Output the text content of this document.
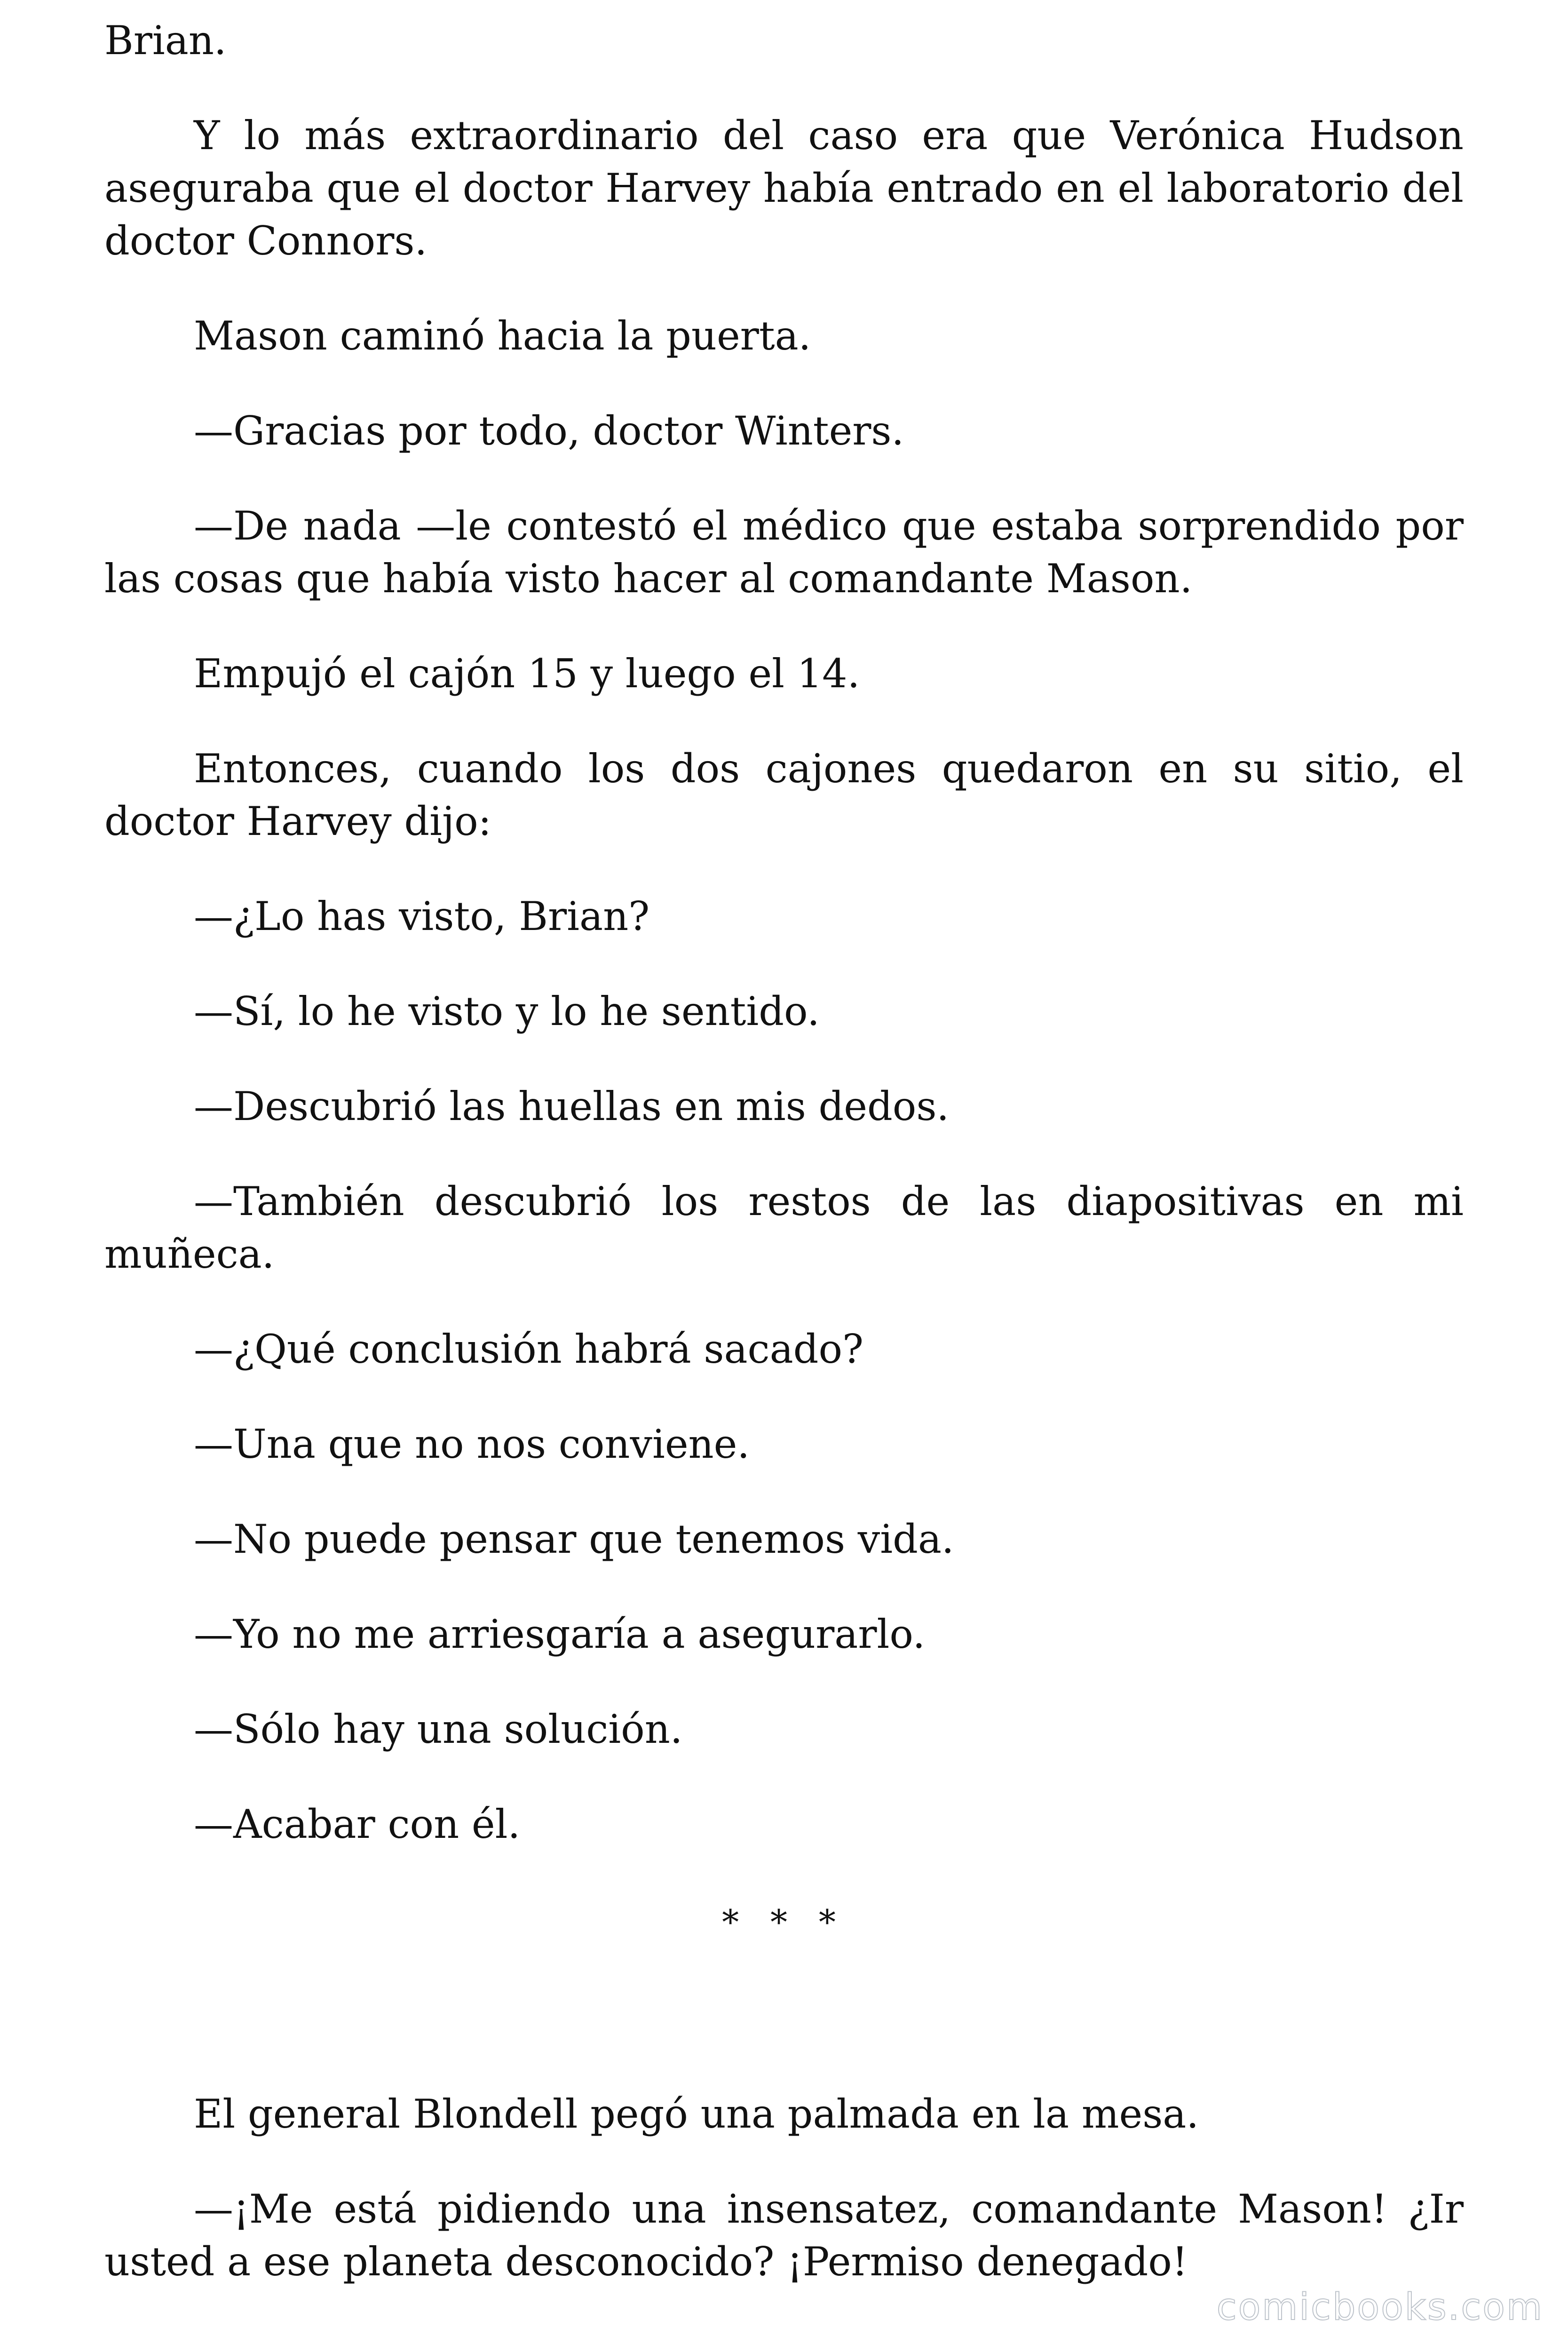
Brian.

Y lo más extraordinario del caso era que Verónica Hudson aseguraba que el doctor Harvey había entrado en el laboratorio del doctor Connors.

Mason caminó hacia la puerta.

—Gracias por todo, doctor Winters.

—De nada —le contestó el médico que estaba sorprendido por las cosas que había visto hacer al comandante Mason.

Empujó el cajón 15 y luego el 14.

Entonces, cuando los dos cajones quedaron en su sitio, el doctor Harvey dijo:

—¿Lo has visto, Brian?

—Sí, lo he visto y lo he sentido.

—Descubrió las huellas en mis dedos.

—También descubrió los restos de las diapositivas en mi muñeca.

—¿Qué conclusión habrá sacado?

—Una que no nos conviene.

—No puede pensar que tenemos vida.

—Yo no me arriesgaría a asegurarlo.

—Sólo hay una solución.

—Acabar con él.

* * *

El general Blondell pegó una palmada en la mesa.

—¡Me está pidiendo una insensatez, comandante Mason! ¿Ir usted a ese planeta desconocido? ¡Permiso denegado!

comicbooks.com
